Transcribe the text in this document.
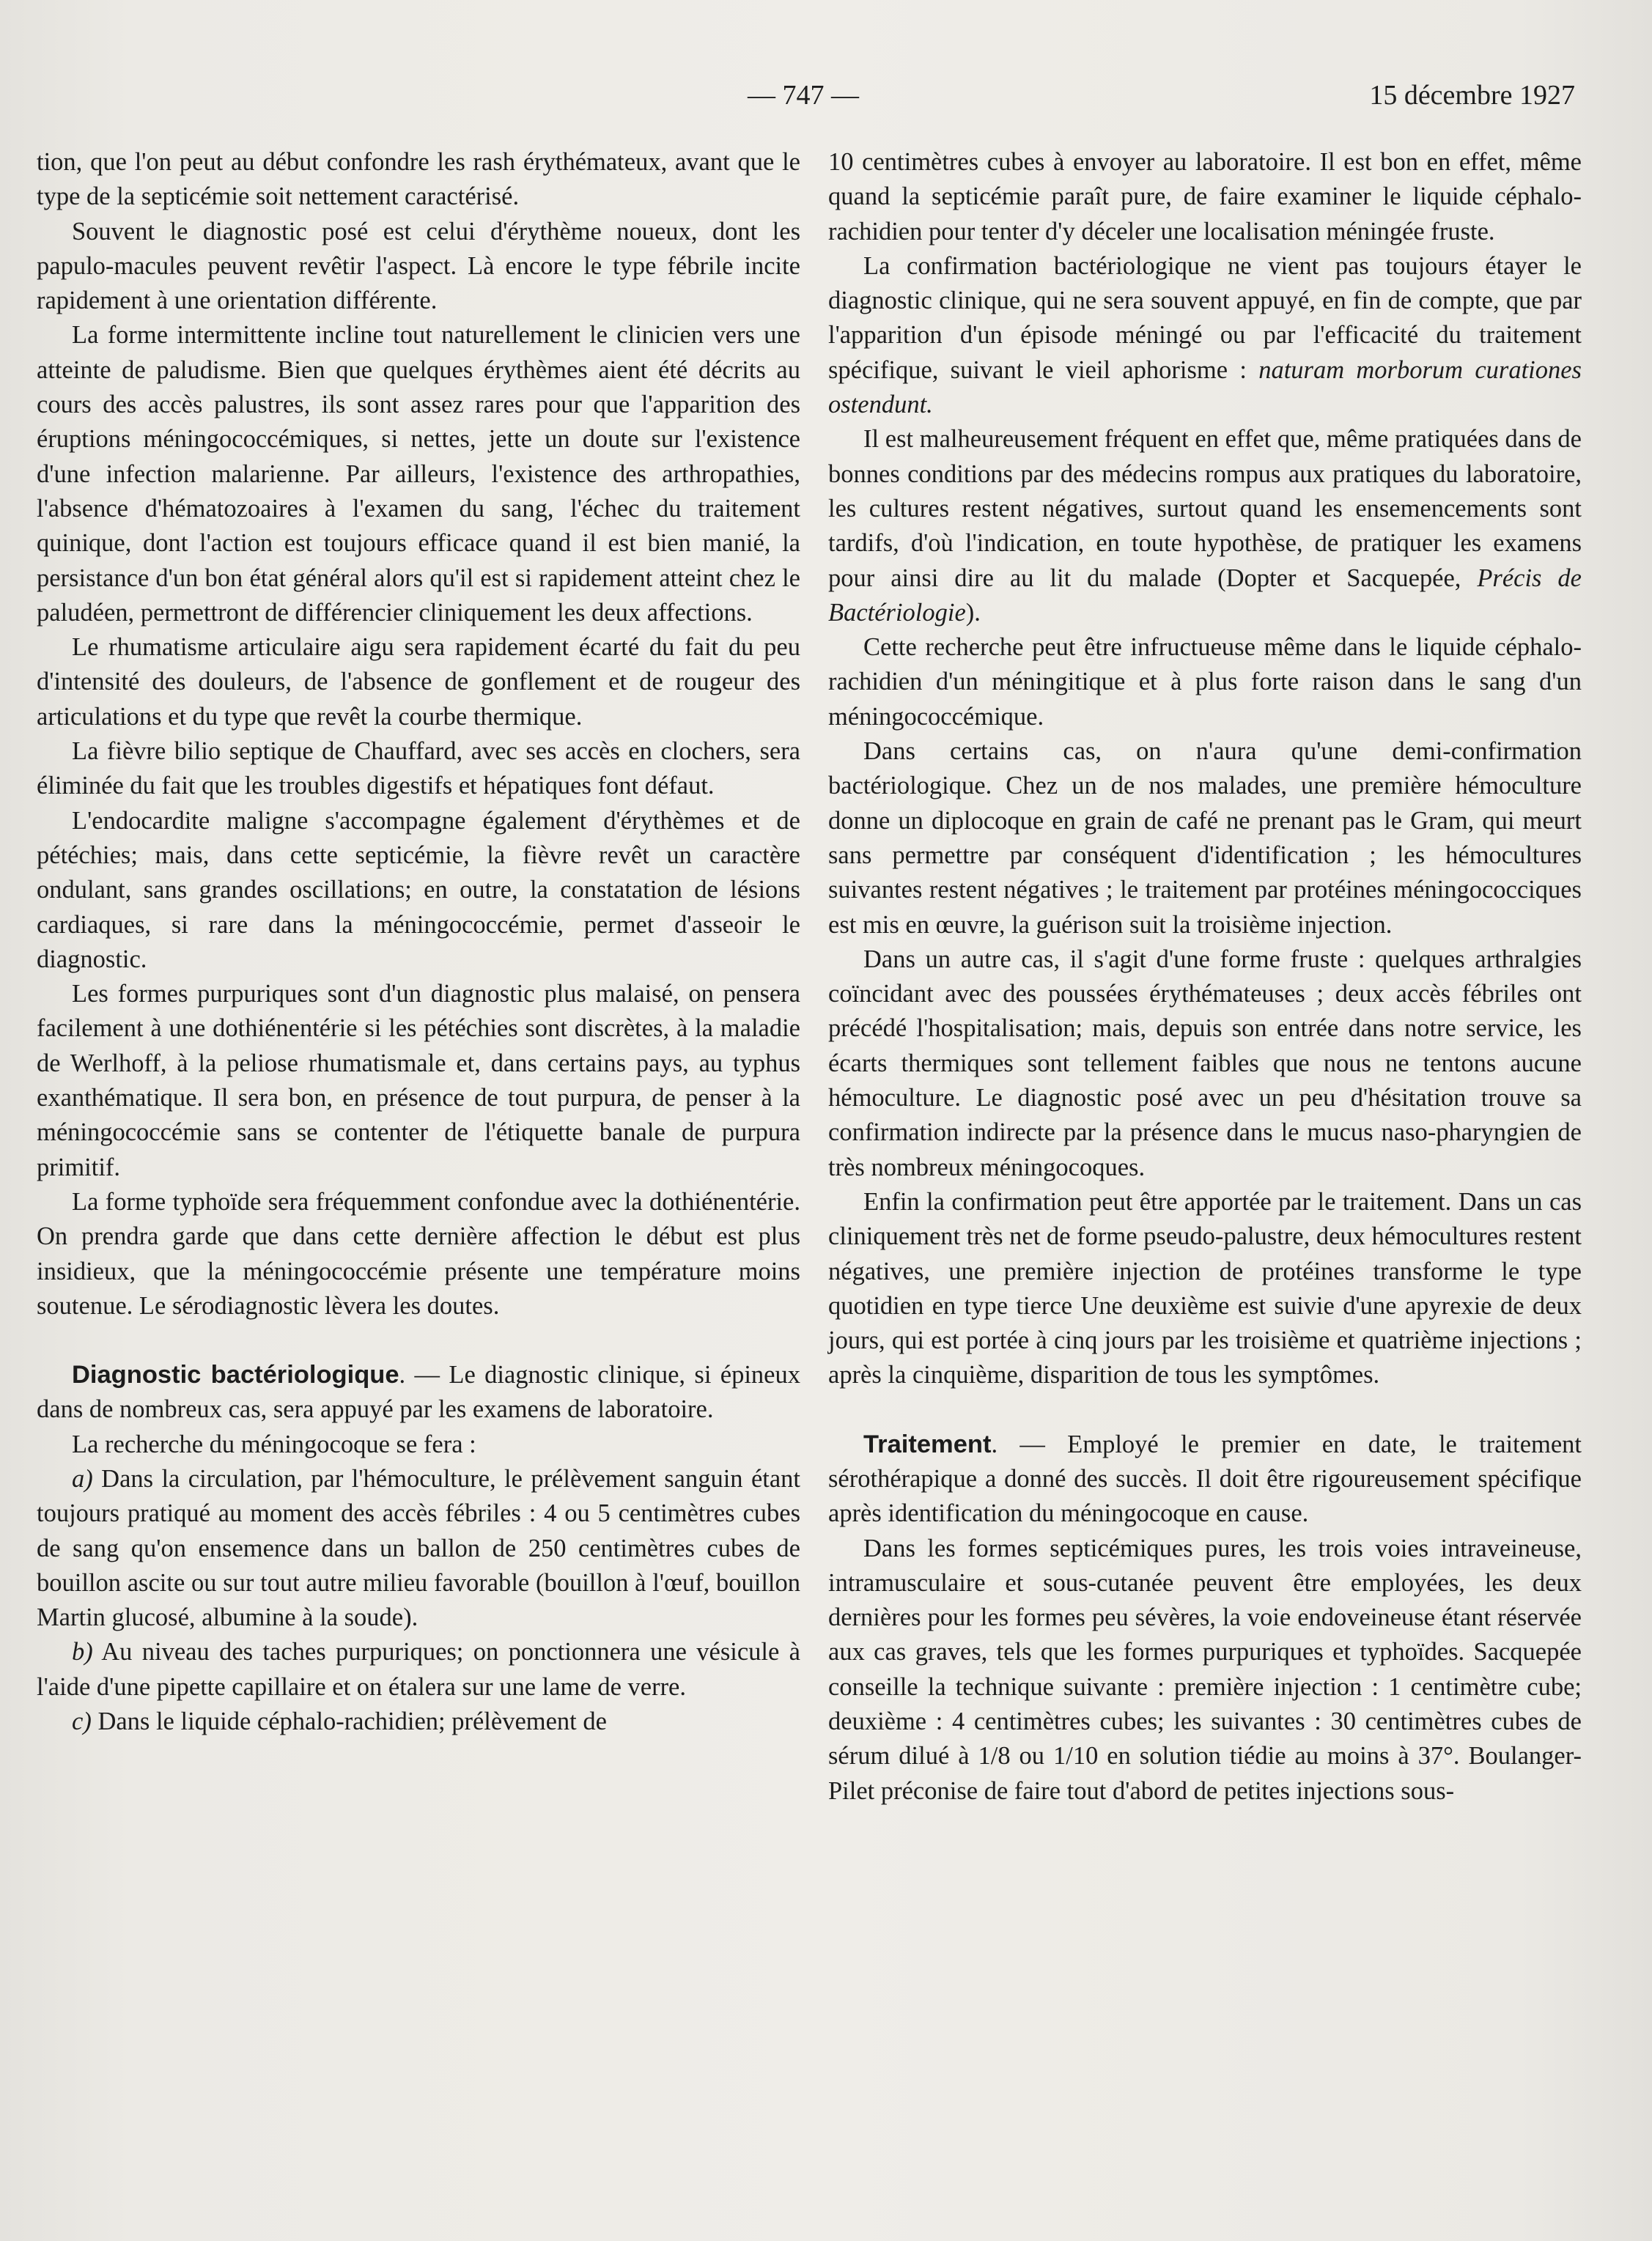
— 747 —	15 décembre 1927

tion, que l'on peut au début confondre les rash érythémateux, avant que le type de la septicémie soit nettement caractérisé.

Souvent le diagnostic posé est celui d'érythème noueux, dont les papulo-macules peuvent revêtir l'aspect. Là encore le type fébrile incite rapidement à une orientation différente.

La forme intermittente incline tout naturellement le clinicien vers une atteinte de paludisme. Bien que quelques érythèmes aient été décrits au cours des accès palustres, ils sont assez rares pour que l'apparition des éruptions méningococcémiques, si nettes, jette un doute sur l'existence d'une infection malarienne. Par ailleurs, l'existence des arthropathies, l'absence d'hématozoaires à l'examen du sang, l'échec du traitement quinique, dont l'action est toujours efficace quand il est bien manié, la persistance d'un bon état général alors qu'il est si rapidement atteint chez le paludéen, permettront de différencier cliniquement les deux affections.

Le rhumatisme articulaire aigu sera rapidement écarté du fait du peu d'intensité des douleurs, de l'absence de gonflement et de rougeur des articulations et du type que revêt la courbe thermique.

La fièvre bilio septique de Chauffard, avec ses accès en clochers, sera éliminée du fait que les troubles digestifs et hépatiques font défaut.

L'endocardite maligne s'accompagne également d'érythèmes et de pétéchies; mais, dans cette septicémie, la fièvre revêt un caractère ondulant, sans grandes oscillations; en outre, la constatation de lésions cardiaques, si rare dans la méningococcémie, permet d'asseoir le diagnostic.

Les formes purpuriques sont d'un diagnostic plus malaisé, on pensera facilement à une dothiénentérie si les pétéchies sont discrètes, à la maladie de Werlhoff, à la peliose rhumatismale et, dans certains pays, au typhus exanthématique. Il sera bon, en présence de tout purpura, de penser à la méningococcémie sans se contenter de l'étiquette banale de purpura primitif.

La forme typhoïde sera fréquemment confondue avec la dothiénentérie. On prendra garde que dans cette dernière affection le début est plus insidieux, que la méningococcémie présente une température moins soutenue. Le sérodiagnostic lèvera les doutes.

Diagnostic bactériologique. — Le diagnostic clinique, si épineux dans de nombreux cas, sera appuyé par les examens de laboratoire.

La recherche du méningocoque se fera :

a) Dans la circulation, par l'hémoculture, le prélèvement sanguin étant toujours pratiqué au moment des accès fébriles : 4 ou 5 centimètres cubes de sang qu'on ensemence dans un ballon de 250 centimètres cubes de bouillon ascite ou sur tout autre milieu favorable (bouillon à l'œuf, bouillon Martin glucosé, albumine à la soude).

b) Au niveau des taches purpuriques; on ponctionnera une vésicule à l'aide d'une pipette capillaire et on étalera sur une lame de verre.

c) Dans le liquide céphalo-rachidien; prélèvement de

10 centimètres cubes à envoyer au laboratoire. Il est bon en effet, même quand la septicémie paraît pure, de faire examiner le liquide céphalo-rachidien pour tenter d'y déceler une localisation méningée fruste.

La confirmation bactériologique ne vient pas toujours étayer le diagnostic clinique, qui ne sera souvent appuyé, en fin de compte, que par l'apparition d'un épisode méningé ou par l'efficacité du traitement spécifique, suivant le vieil aphorisme : naturam morborum curationes ostendunt.

Il est malheureusement fréquent en effet que, même pratiquées dans de bonnes conditions par des médecins rompus aux pratiques du laboratoire, les cultures restent négatives, surtout quand les ensemencements sont tardifs, d'où l'indication, en toute hypothèse, de pratiquer les examens pour ainsi dire au lit du malade (Dopter et Sacquepée, Précis de Bactériologie).

Cette recherche peut être infructueuse même dans le liquide céphalo-rachidien d'un méningitique et à plus forte raison dans le sang d'un méningococcémique.

Dans certains cas, on n'aura qu'une demi-confirmation bactériologique. Chez un de nos malades, une première hémoculture donne un diplocoque en grain de café ne prenant pas le Gram, qui meurt sans permettre par conséquent d'identification ; les hémocultures suivantes restent négatives ; le traitement par protéines méningococciques est mis en œuvre, la guérison suit la troisième injection.

Dans un autre cas, il s'agit d'une forme fruste : quelques arthralgies coïncidant avec des poussées érythémateuses ; deux accès fébriles ont précédé l'hospitalisation; mais, depuis son entrée dans notre service, les écarts thermiques sont tellement faibles que nous ne tentons aucune hémoculture. Le diagnostic posé avec un peu d'hésitation trouve sa confirmation indirecte par la présence dans le mucus naso-pharyngien de très nombreux méningocoques.

Enfin la confirmation peut être apportée par le traitement. Dans un cas cliniquement très net de forme pseudo-palustre, deux hémocultures restent négatives, une première injection de protéines transforme le type quotidien en type tierce Une deuxième est suivie d'une apyrexie de deux jours, qui est portée à cinq jours par les troisième et quatrième injections ; après la cinquième, disparition de tous les symptômes.

Traitement. — Employé le premier en date, le traitement sérothérapique a donné des succès. Il doit être rigoureusement spécifique après identification du méningocoque en cause.

Dans les formes septicémiques pures, les trois voies intraveineuse, intramusculaire et sous-cutanée peuvent être employées, les deux dernières pour les formes peu sévères, la voie endoveineuse étant réservée aux cas graves, tels que les formes purpuriques et typhoïdes. Sacquepée conseille la technique suivante : première injection : 1 centimètre cube; deuxième : 4 centimètres cubes; les suivantes : 30 centimètres cubes de sérum dilué à 1/8 ou 1/10 en solution tiédie au moins à 37°. Boulanger-Pilet préconise de faire tout d'abord de petites injections sous-
